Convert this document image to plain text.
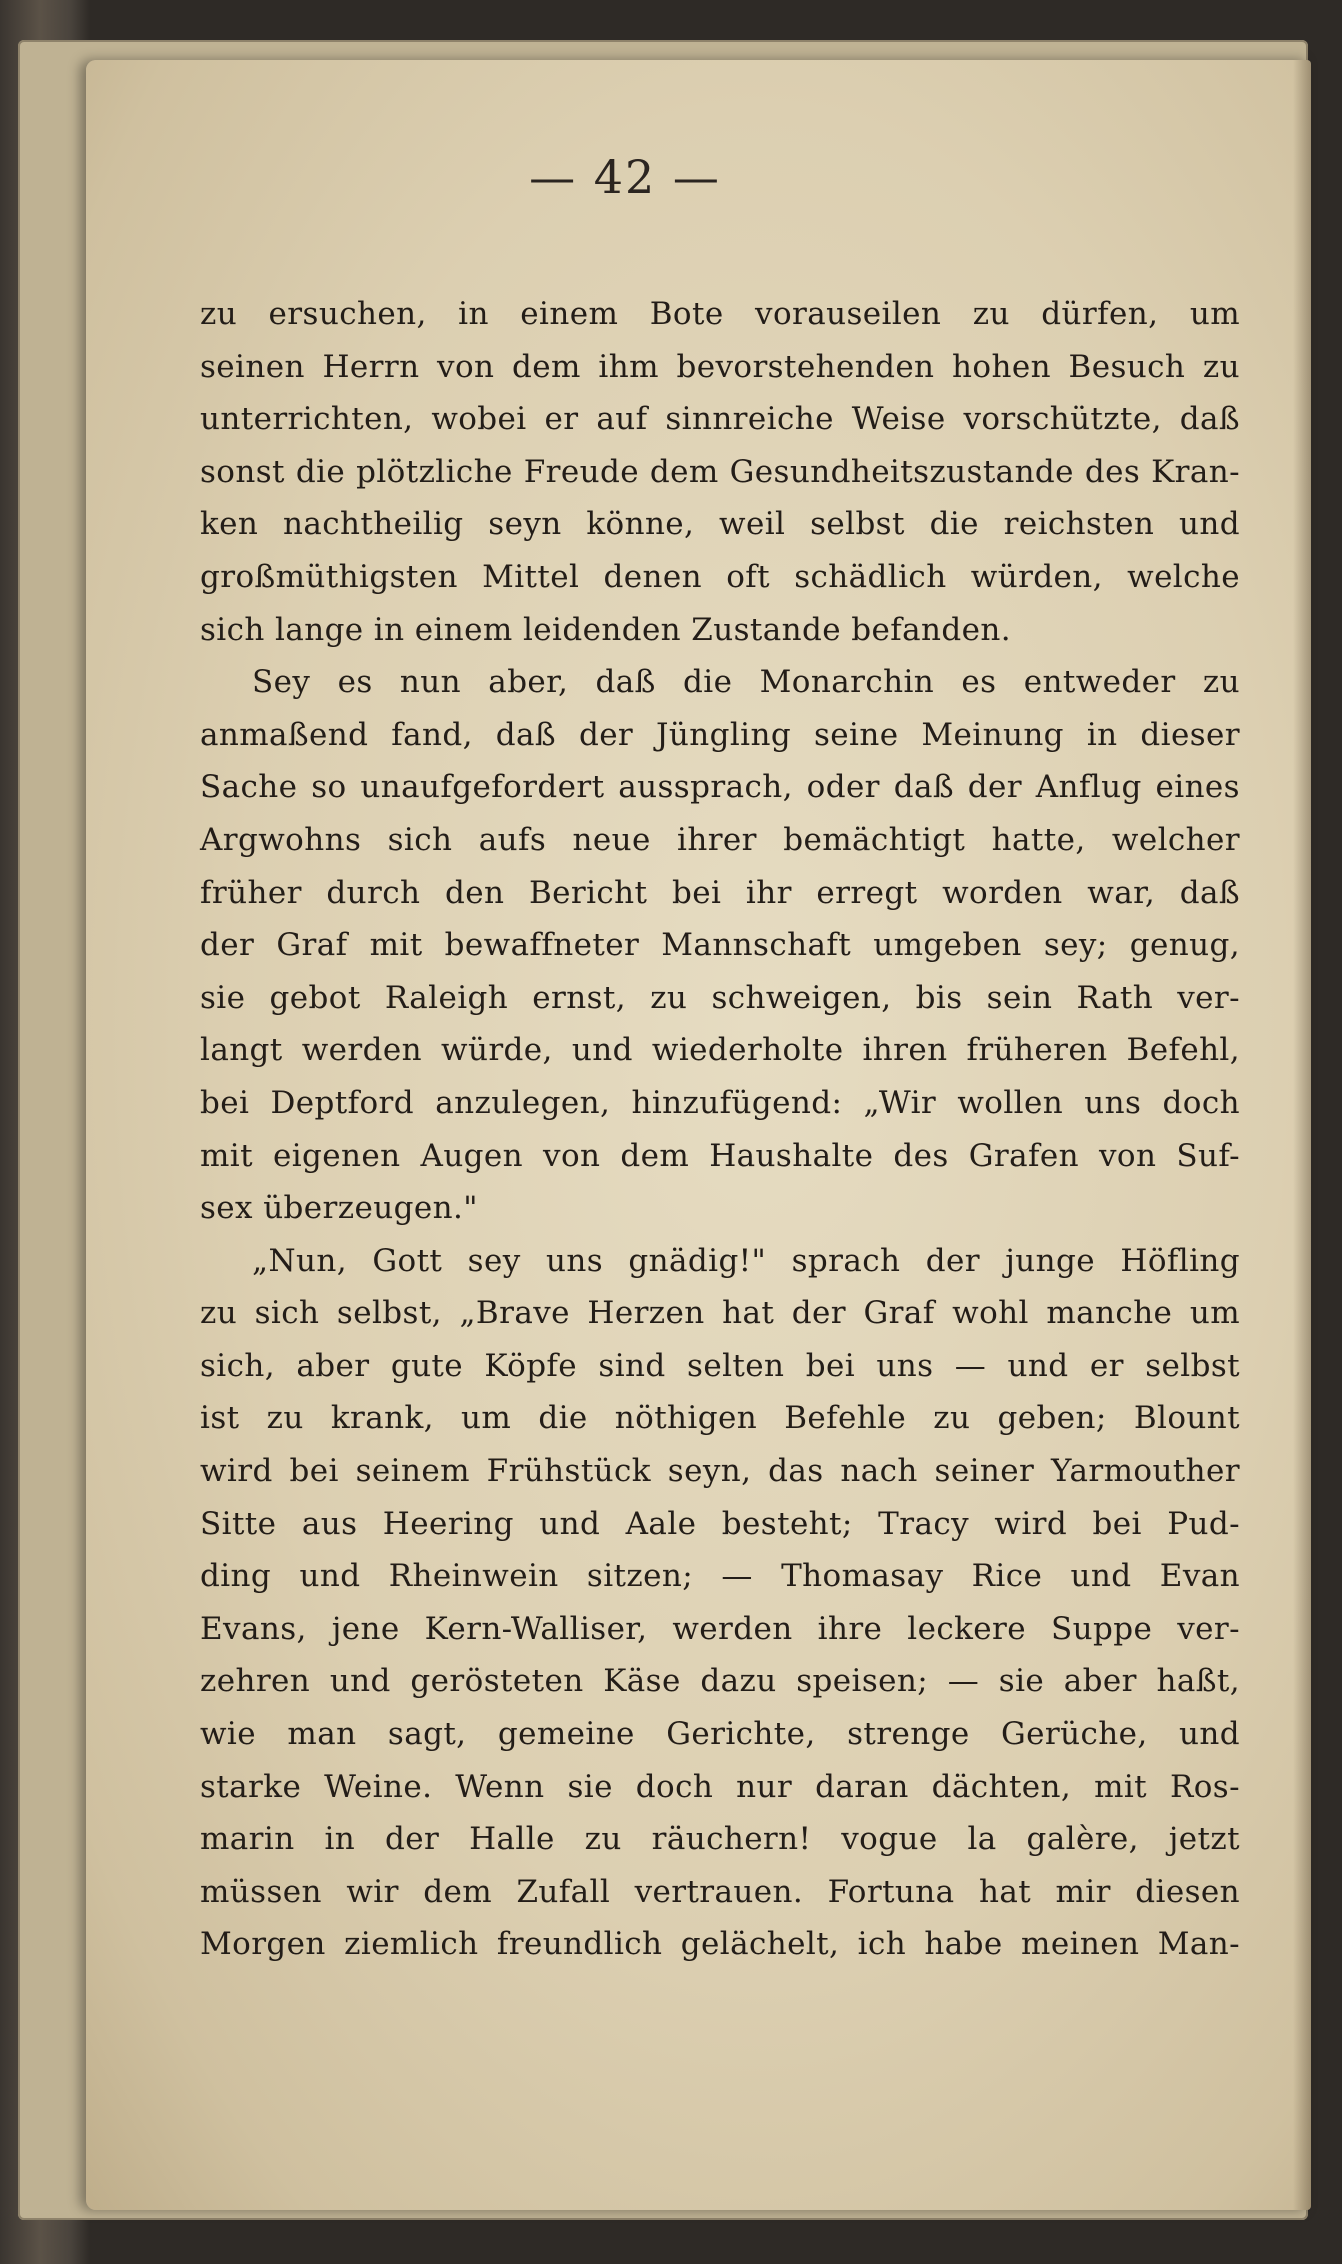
— 42 —
zu ersuchen, in einem Bote vorauseilen zu dürfen, um
seinen Herrn von dem ihm bevorstehenden hohen Besuch zu
unterrichten, wobei er auf sinnreiche Weise vorschützte, daß
sonst die plötzliche Freude dem Gesundheitszustande des Kran-
ken nachtheilig seyn könne, weil selbst die reichsten und
großmüthigsten Mittel denen oft schädlich würden, welche
sich lange in einem leidenden Zustande befanden.
Sey es nun aber, daß die Monarchin es entweder zu
anmaßend fand, daß der Jüngling seine Meinung in dieser
Sache so unaufgefordert aussprach, oder daß der Anflug eines
Argwohns sich aufs neue ihrer bemächtigt hatte, welcher
früher durch den Bericht bei ihr erregt worden war, daß
der Graf mit bewaffneter Mannschaft umgeben sey; genug,
sie gebot Raleigh ernst, zu schweigen, bis sein Rath ver-
langt werden würde, und wiederholte ihren früheren Befehl,
bei Deptford anzulegen, hinzufügend: „Wir wollen uns doch
mit eigenen Augen von dem Haushalte des Grafen von Suf-
sex überzeugen."
„Nun, Gott sey uns gnädig!" sprach der junge Höfling
zu sich selbst, „Brave Herzen hat der Graf wohl manche um
sich, aber gute Köpfe sind selten bei uns — und er selbst
ist zu krank, um die nöthigen Befehle zu geben; Blount
wird bei seinem Frühstück seyn, das nach seiner Yarmouther
Sitte aus Heering und Aale besteht; Tracy wird bei Pud-
ding und Rheinwein sitzen; — Thomasay Rice und Evan
Evans, jene Kern-Walliser, werden ihre leckere Suppe ver-
zehren und gerösteten Käse dazu speisen; — sie aber haßt,
wie man sagt, gemeine Gerichte, strenge Gerüche, und
starke Weine. Wenn sie doch nur daran dächten, mit Ros-
marin in der Halle zu räuchern! vogue la galère, jetzt
müssen wir dem Zufall vertrauen. Fortuna hat mir diesen
Morgen ziemlich freundlich gelächelt, ich habe meinen Man-
